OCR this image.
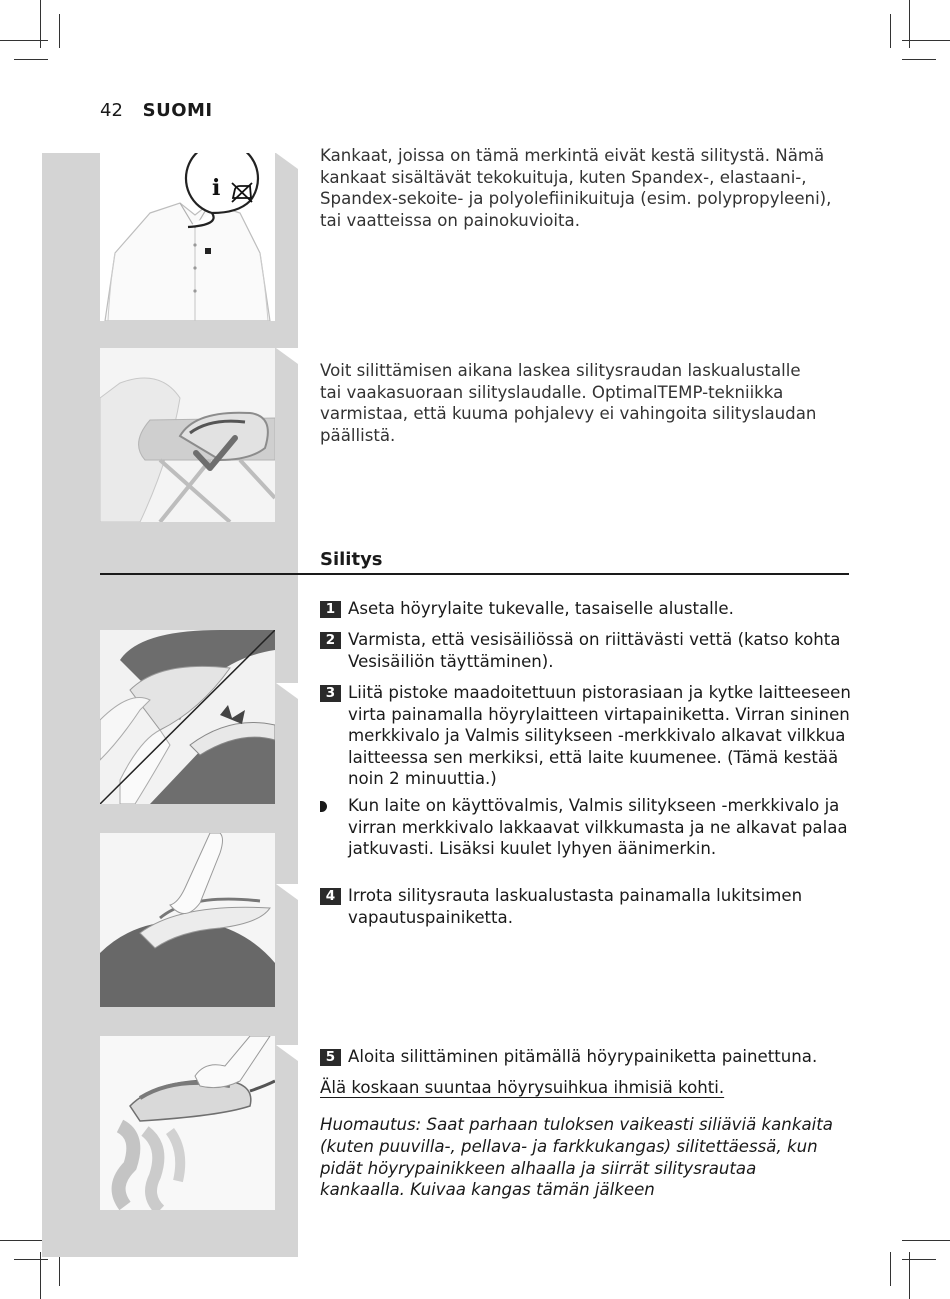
42 SUOMI
i
Silitys
Kankaat, joissa on tämä merkintä eivät kestä silitystä. Nämä kankaat sisältävät tekokuituja, kuten Spandex-, elastaani-, Spandex-sekoite- ja polyolefiinikuituja (esim. polypropyleeni), tai vaatteissa on painokuvioita.
Voit silittämisen aikana laskea silitysraudan laskualustalle tai vaakasuoraan silityslaudalle. OptimalTEMP-tekniikka varmistaa, että kuuma pohjalevy ei vahingoita silityslaudan päällistä.
1 Aseta höyrylaite tukevalle, tasaiselle alustalle.
2 Varmista, että vesisäiliössä on riittävästi vettä (katso kohta Vesisäiliön täyttäminen).
3 Liitä pistoke maadoitettuun pistorasiaan ja kytke laitteeseen virta painamalla höyrylaitteen virtapainiketta. Virran sininen merkkivalo ja Valmis silitykseen -merkkivalo alkavat vilkkua laitteessa sen merkiksi, että laite kuumenee. (Tämä kestää noin 2 minuuttia.)
Kun laite on käyttövalmis, Valmis silitykseen -merkkivalo ja virran merkkivalo lakkaavat vilkkumasta ja ne alkavat palaa jatkuvasti. Lisäksi kuulet lyhyen äänimerkin.
4 Irrota silitysrauta laskualustasta painamalla lukitsimen vapautuspainiketta.
5 Aloita silittäminen pitämällä höyrypainiketta painettuna.
Älä koskaan suuntaa höyrysuihkua ihmisiä kohti.
Huomautus: Saat parhaan tuloksen vaikeasti siliäviä kankaita (kuten puuvilla-, pellava- ja farkkukangas) silitettäessä, kun pidät höyrypainikkeen alhaalla ja siirrät silitysrautaa kankaalla. Kuivaa kangas tämän jälkeen
